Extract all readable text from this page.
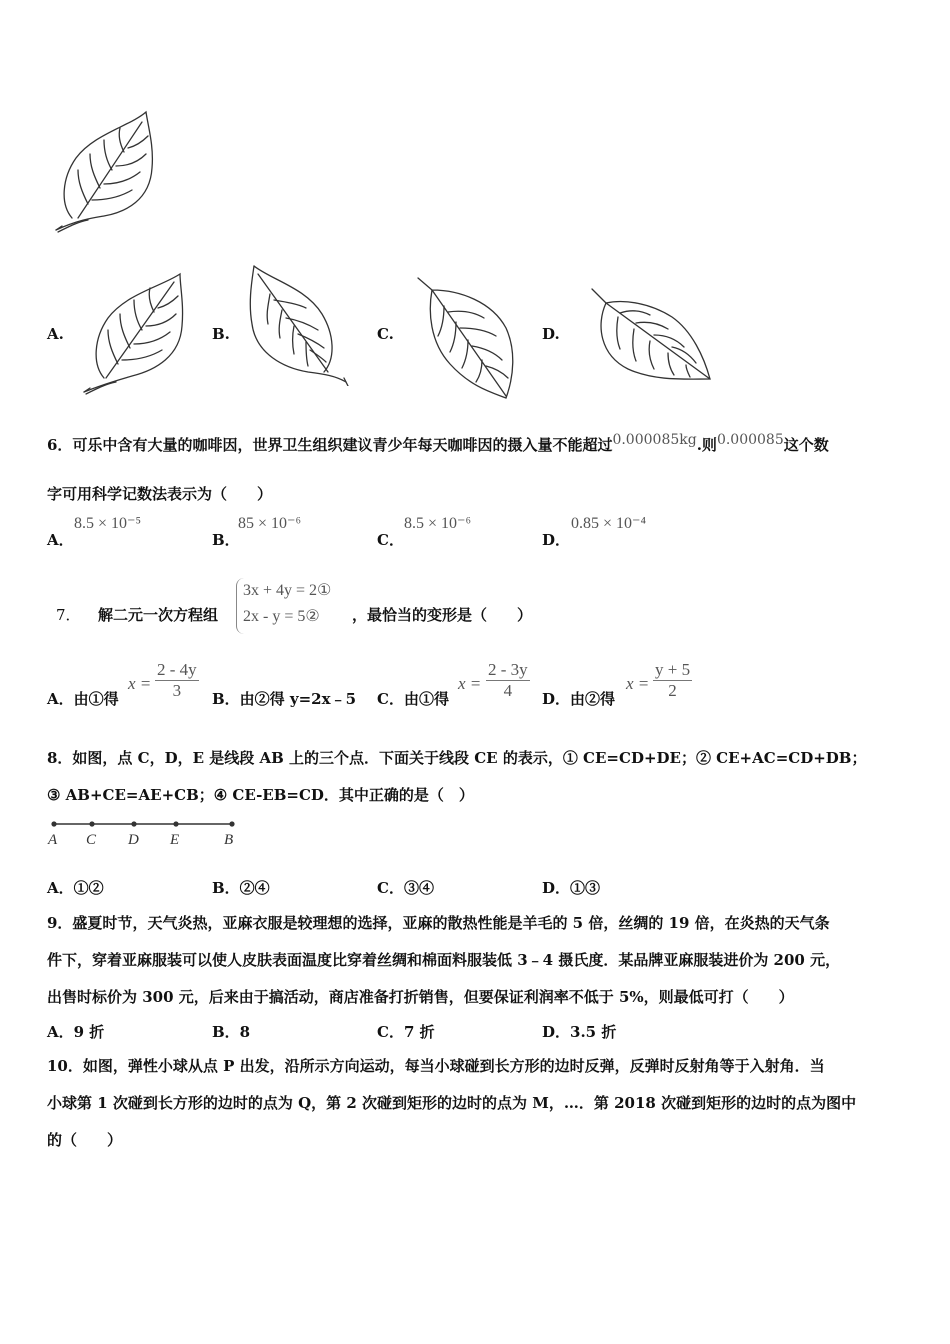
A.	B.	C.	D.
6．可乐中含有大量的咖啡因，世界卫生组织建议青少年每天咖啡因的摄入量不能超过0.000085kg.则0.000085这个数
字可用科学记数法表示为（　　）
A．
8.5 × 10⁻⁵
B．
85 × 10⁻⁶
C．
8.5 × 10⁻⁶
D．
0.85 × 10⁻⁴
7． 解二元一次方程组
3x + 4y = 2①
2x - y = 5②	，最恰当的变形是（　　）
A．由①得
$x = \frac{2 - 4y}{3}$ B．由②得 y=2x﹣5 C．由①得
$x = \frac{2 - 3y}{4}$ D．由②得
$x = \frac{y + 5}{2}$
8．如图，点 C，D，E 是线段 AB 上的三个点．下面关于线段 CE 的表示，① CE=CD+DE；② CE+AC=CD+DB；
③ AB+CE=AE+CB；④ CE-EB=CD．其中正确的是（　）
A C D E	B
A．①②	B．②④	C．③④	D．①③
9．盛夏时节，天气炎热，亚麻衣服是较理想的选择，亚麻的散热性能是羊毛的 5 倍，丝绸的 19 倍，在炎热的天气条
件下，穿着亚麻服装可以使人皮肤表面温度比穿着丝绸和棉面料服装低 3﹣4 摄氏度．某品牌亚麻服装进价为 200 元，
出售时标价为 300 元，后来由于搞活动，商店准备打折销售，但要保证利润率不低于 5%，则最低可打（　　）
A．9 折	B．8	C．7 折	D．3.5 折
10．如图，弹性小球从点 P 出发，沿所示方向运动，每当小球碰到长方形的边时反弹，反弹时反射角等于入射角．当
小球第 1 次碰到长方形的边时的点为 Q，第 2 次碰到矩形的边时的点为 M，…．第 2018 次碰到矩形的边时的点为图中
的（　　）
